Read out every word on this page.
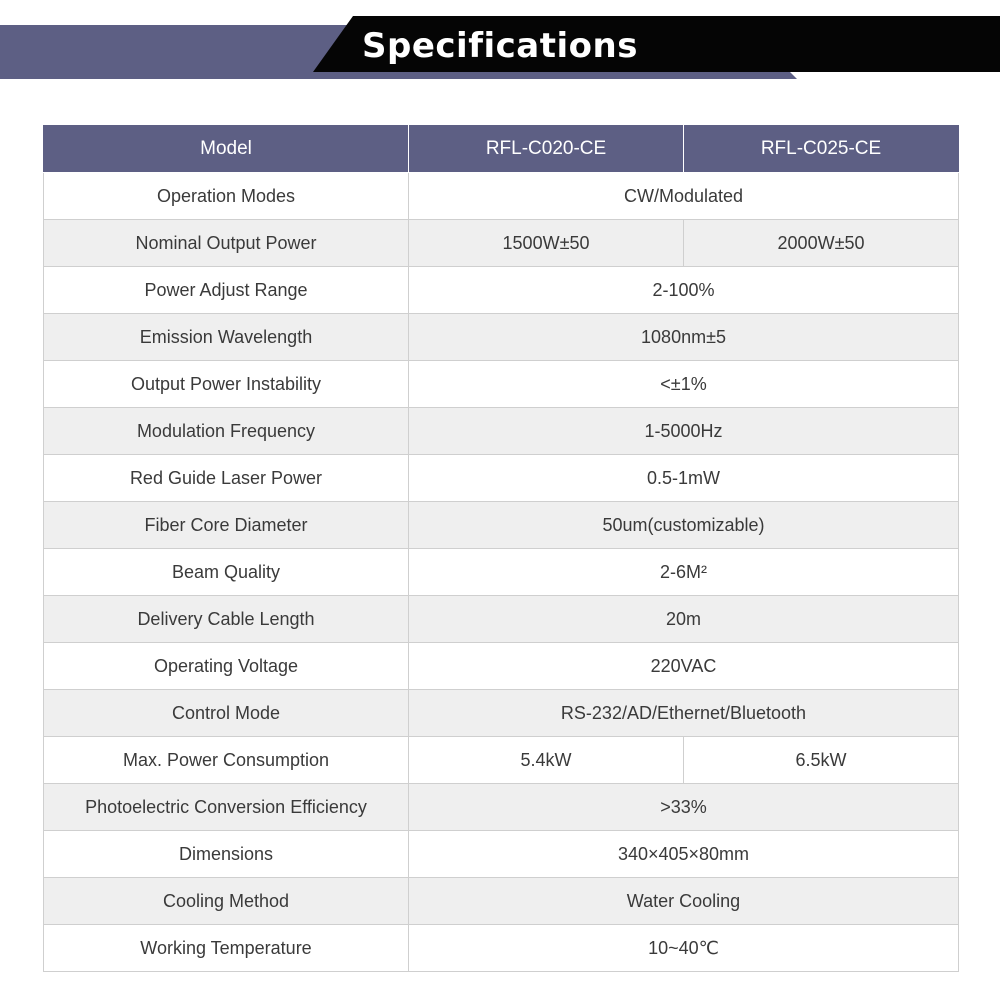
Specifications
Model	RFL-C020-CE	RFL-C025-CE
Operation Modes	CW/Modulated	
Nominal Output Power	1500W±50	2000W±50
Power Adjust Range	2-100%	
Emission Wavelength	1080nm±5	
Output Power Instability	<±1%	
Modulation Frequency	1-5000Hz	
Red Guide Laser Power	0.5-1mW	
Fiber Core Diameter	50um(customizable)	
Beam Quality	2-6M²	
Delivery Cable Length	20m	
Operating Voltage	220VAC	
Control Mode	RS-232/AD/Ethernet/Bluetooth	
Max. Power Consumption	5.4kW	6.5kW
Photoelectric Conversion Efficiency	>33%	
Dimensions	340×405×80mm	
Cooling Method	Water Cooling	
Working Temperature	10~40℃	
